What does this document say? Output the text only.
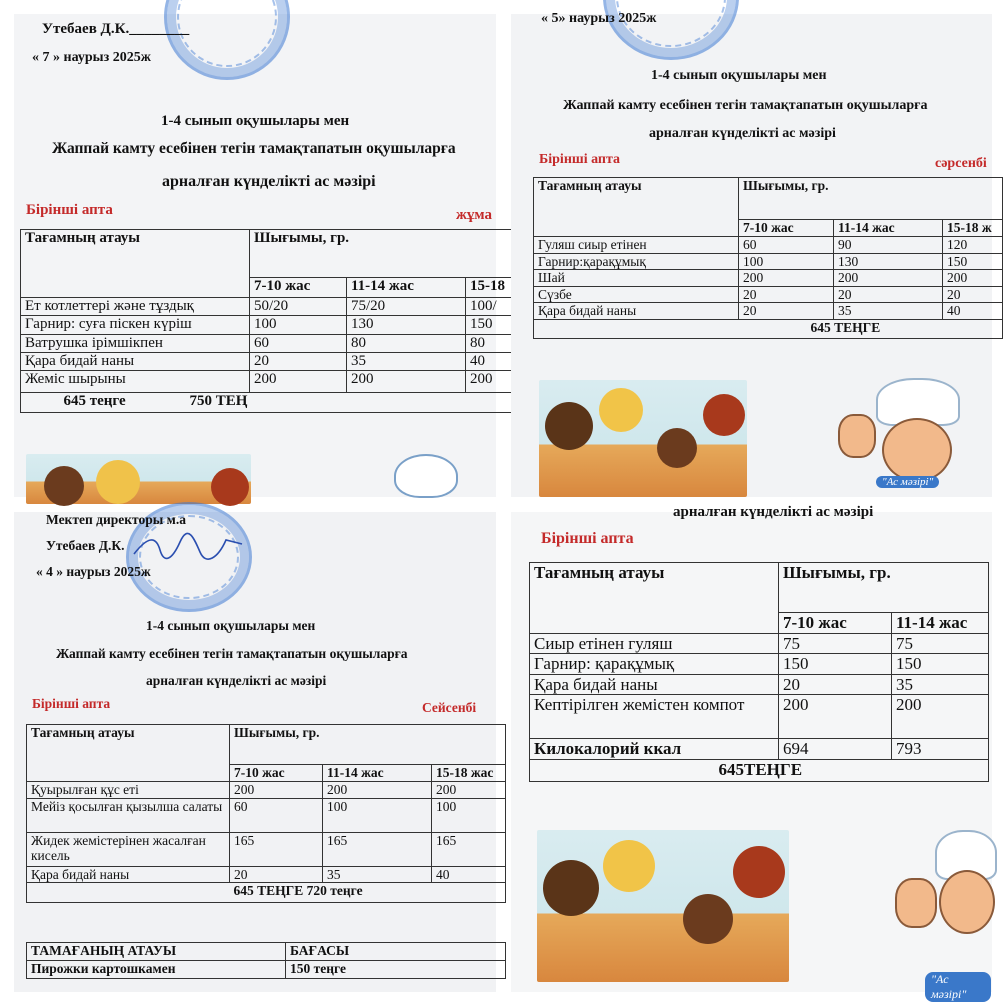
Утебаев Д.К.________
« 7 » наурыз 2025ж
1-4 сынып оқушылары мен
Жаппай камту есебінен тегін тамақтапатын оқушыларға
арналған күнделікті ас мәзірі
Бірінші апта	жұма
Тағамның атауы	Шығымы, гр.		
	7-10 жас	11-14 жас	15-18
Ет котлеттері және тұздық	50/20	75/20	100/
Гарнир: суға піскен күріш	100	130	150
Ватрушка ірімшікпен	60	80	80
Қара бидай наны	20	35	40
Жеміс шырыны	200	200	200
	645 теңге 750 ТЕҢ		
« 5» наурыз 2025ж
1-4 сынып оқушылары мен
Жаппай камту есебінен тегін тамақтапатын оқушыларға
арналған күнделікті ас мәзірі
Бірінші апта	сәрсенбі
Тағамның атауы	Шығымы, гр.		
	7-10 жас	11-14 жас	15-18 ж
Гуляш сиыр етінен	60	90	120
Гарнир:қарақұмық	100	130	150
Шай	200	200	200
Сүзбе	20	20	20
Қара бидай наны	20	35	40
	645 ТЕҢГЕ		
"Ас мәзірі"
Мектеп директоры м.а
Утебаев Д.К.
« 4 » наурыз 2025ж
1-4 сынып оқушылары мен
Жаппай камту есебінен тегін тамақтапатын оқушыларға
арналған күнделікті ас мәзірі
Бірінші апта	Сейсенбі
Тағамның атауы	Шығымы, гр.		
	7-10 жас	11-14 жас	15-18 жас
Қуырылған құс еті	200	200	200
Мейіз қосылған қызылша салаты	60	100	100
Жидек жемістерінен жасалған кисель	165	165	165
Қара бидай наны	20	35	40
	645 ТЕҢГЕ 720 теңге		
ТАМАҒАНЫҢ АТАУЫ	БАҒАСЫ
Пирожки картошкамен	150 теңге
арналған күнделікті ас мәзірі
Бірінші апта
Тағамның атауы	Шығымы, гр.	
	7-10 жас	11-14 жас
Сиыр етінен гуляш	75	75
Гарнир: қарақұмық	150	150
Қара бидай наны	20	35
Кептірілген жемістен компот	200	200
Килокалорий ккал	694	793
	645ТЕҢГЕ	
"Ас мәзірі"
